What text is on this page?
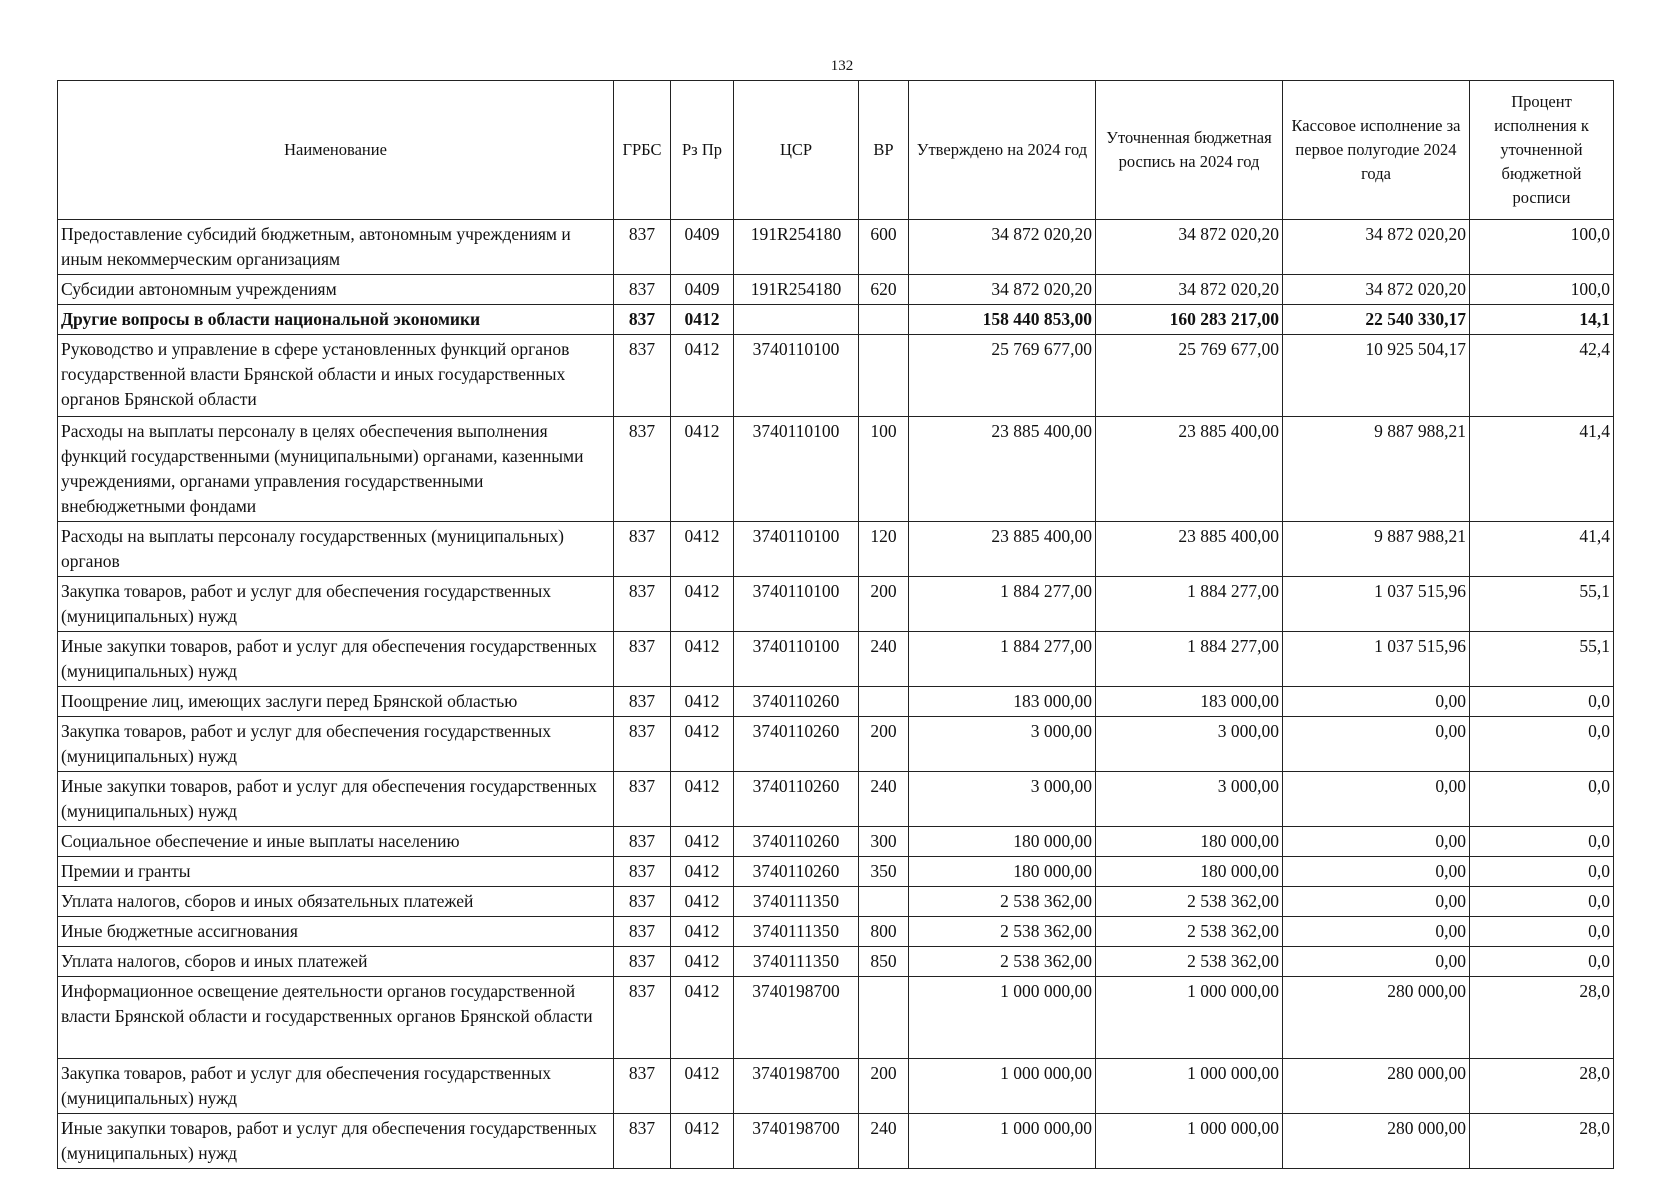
132
Наименование	ГРБС	Рз Пр	ЦСР	ВР	Утверждено на 2024 год	Уточненная бюджетная роспись на 2024 год	Кассовое исполнение за первое полугодие 2024 года	Процент исполнения к уточненной бюджетной росписи
Предоставление субсидий бюджетным, автономным учреждениям и иным некоммерческим организациям	837	0409	191R254180	600	34 872 020,20	34 872 020,20	34 872 020,20	100,0
Субсидии автономным учреждениям	837	0409	191R254180	620	34 872 020,20	34 872 020,20	34 872 020,20	100,0
Другие вопросы в области национальной экономики	837	0412			158 440 853,00	160 283 217,00	22 540 330,17	14,1
Руководство и управление в сфере установленных функций органов государственной власти Брянской области и иных государственных органов Брянской области	837	0412	3740110100		25 769 677,00	25 769 677,00	10 925 504,17	42,4
Расходы на выплаты персоналу в целях обеспечения выполнения функций государственными (муниципальными) органами, казенными учреждениями, органами управления государственными внебюджетными фондами	837	0412	3740110100	100	23 885 400,00	23 885 400,00	9 887 988,21	41,4
Расходы на выплаты персоналу государственных (муниципальных) органов	837	0412	3740110100	120	23 885 400,00	23 885 400,00	9 887 988,21	41,4
Закупка товаров, работ и услуг для обеспечения государственных (муниципальных) нужд	837	0412	3740110100	200	1 884 277,00	1 884 277,00	1 037 515,96	55,1
Иные закупки товаров, работ и услуг для обеспечения государственных (муниципальных) нужд	837	0412	3740110100	240	1 884 277,00	1 884 277,00	1 037 515,96	55,1
Поощрение лиц, имеющих заслуги перед Брянской областью	837	0412	3740110260		183 000,00	183 000,00	0,00	0,0
Закупка товаров, работ и услуг для обеспечения государственных (муниципальных) нужд	837	0412	3740110260	200	3 000,00	3 000,00	0,00	0,0
Иные закупки товаров, работ и услуг для обеспечения государственных (муниципальных) нужд	837	0412	3740110260	240	3 000,00	3 000,00	0,00	0,0
Социальное обеспечение и иные выплаты населению	837	0412	3740110260	300	180 000,00	180 000,00	0,00	0,0
Премии и гранты	837	0412	3740110260	350	180 000,00	180 000,00	0,00	0,0
Уплата налогов, сборов и иных обязательных платежей	837	0412	3740111350		2 538 362,00	2 538 362,00	0,00	0,0
Иные бюджетные ассигнования	837	0412	3740111350	800	2 538 362,00	2 538 362,00	0,00	0,0
Уплата налогов, сборов и иных платежей	837	0412	3740111350	850	2 538 362,00	2 538 362,00	0,00	0,0
Информационное освещение деятельности органов государственной власти Брянской области и государственных органов Брянской области	837	0412	3740198700		1 000 000,00	1 000 000,00	280 000,00	28,0
Закупка товаров, работ и услуг для обеспечения государственных (муниципальных) нужд	837	0412	3740198700	200	1 000 000,00	1 000 000,00	280 000,00	28,0
Иные закупки товаров, работ и услуг для обеспечения государственных (муниципальных) нужд	837	0412	3740198700	240	1 000 000,00	1 000 000,00	280 000,00	28,0
